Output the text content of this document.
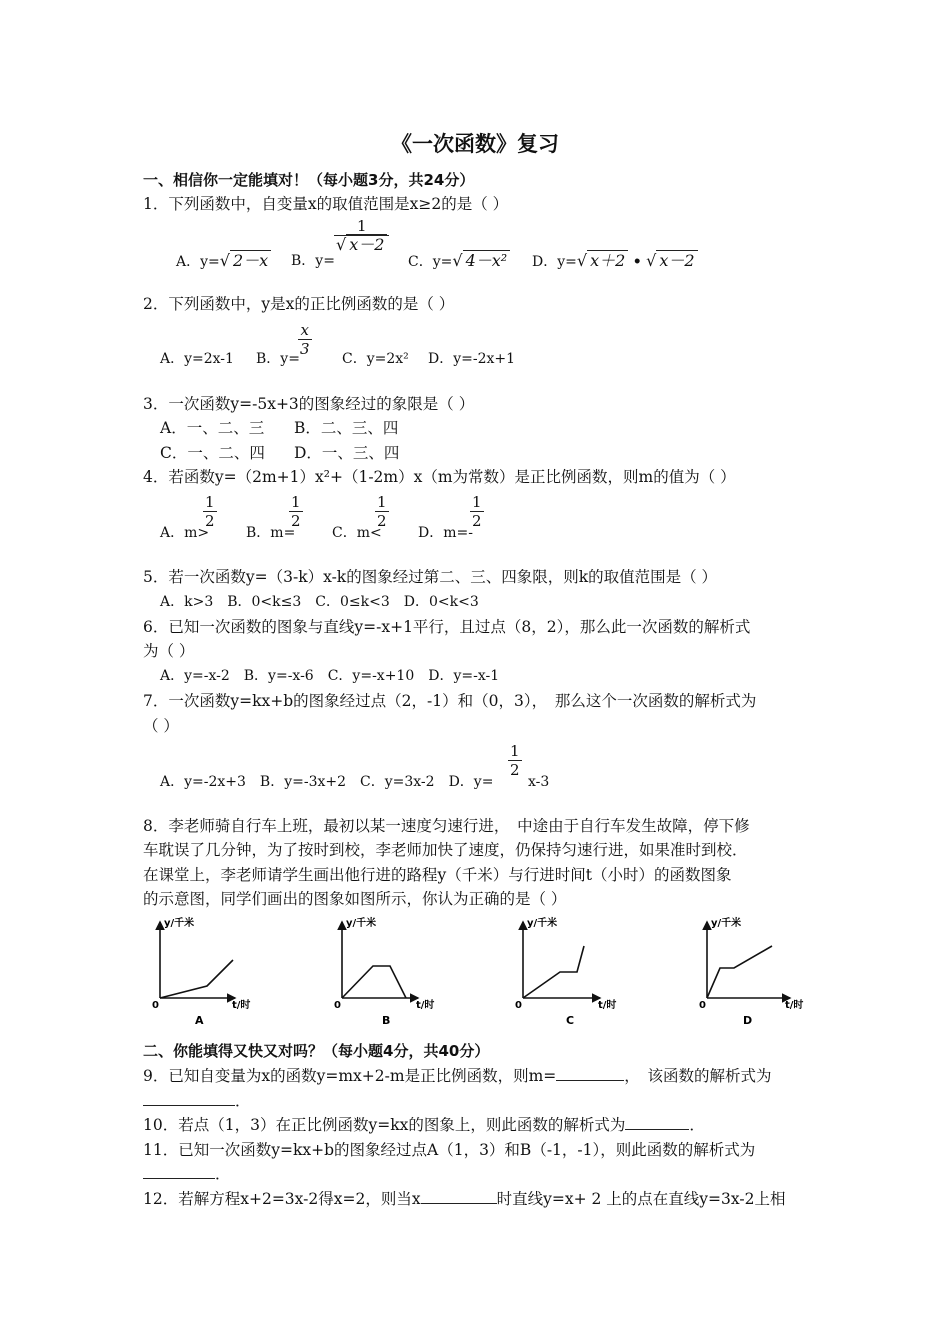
《一次函数》复习
一、相信你一定能填对！（每小题3分，共24分）
1．下列函数中，自变量x的取值范围是x≥2的是（ ）
A．y=√ 2－x B．y=
$\frac{1}{√ x-2}$
C．y=√ 4－x² D．y=√ x＋2 • √ x－2
2．下列函数中，y是x的正比例函数的是（ ）
A．y=2x-1 B．y=
$\frac{x}{3}$
C．y=2x² D．y=-2x+1
3．一次函数y=-5x+3的图象经过的象限是（ ）
A．一、二、三 B．二、三、四
C．一、二、四 D．一、三、四
4．若函数y=（2m+1）x²+（1-2m）x（m为常数）是正比例函数，则m的值为（ ）
A．m>
$\frac{1}{2}$
B．m=
$\frac{1}{2}$
C．m<
$\frac{1}{2}$
D．m=-
$\frac{1}{2}$
5．若一次函数y=（3-k）x-k的图象经过第二、三、四象限，则k的取值范围是（ ）
A．k>3　B．0<k≤3　C．0≤k<3　D．0<k<3
6．已知一次函数的图象与直线y=-x+1平行，且过点（8，2），那么此一次函数的解析式
为（ ）
A．y=-x-2　B．y=-x-6　C．y=-x+10　D．y=-x-1
7．一次函数y=kx+b的图象经过点（2，-1）和（0，3），　那么这个一次函数的解析式为
（ ）
A．y=-2x+3　B．y=-3x+2　C．y=3x-2　D．y=
$\frac{1}{2}$
x-3
8．李老师骑自行车上班，最初以某一速度匀速行进，　中途由于自行车发生故障，停下修
车耽误了几分钟，为了按时到校，李老师加快了速度，仍保持匀速行进，如果准时到校．
在课堂上，李老师请学生画出他行进的路程y（千米）与行进时间t（小时）的函数图象
的示意图，同学们画出的图象如图所示，你认为正确的是（ ）
y/千米
t/时
0
A
y/千米
t/时
0
B
y/千米
t/时
0
C
y/千米
t/时
0
D
二、你能填得又快又对吗？（每小题4分，共40分）
9．已知自变量为x的函数y=mx+2-m是正比例函数，则m=	，　该函数的解析式为
．
10．若点（1，3）在正比例函数y=kx的图象上，则此函数的解析式为	．
11．已知一次函数y=kx+b的图象经过点A（1，3）和B（-1，-1），则此函数的解析式为
．
12．若解方程x+2=3x-2得x=2，则当x	时直线y=x+ 2 上的点在直线y=3x-2上相
